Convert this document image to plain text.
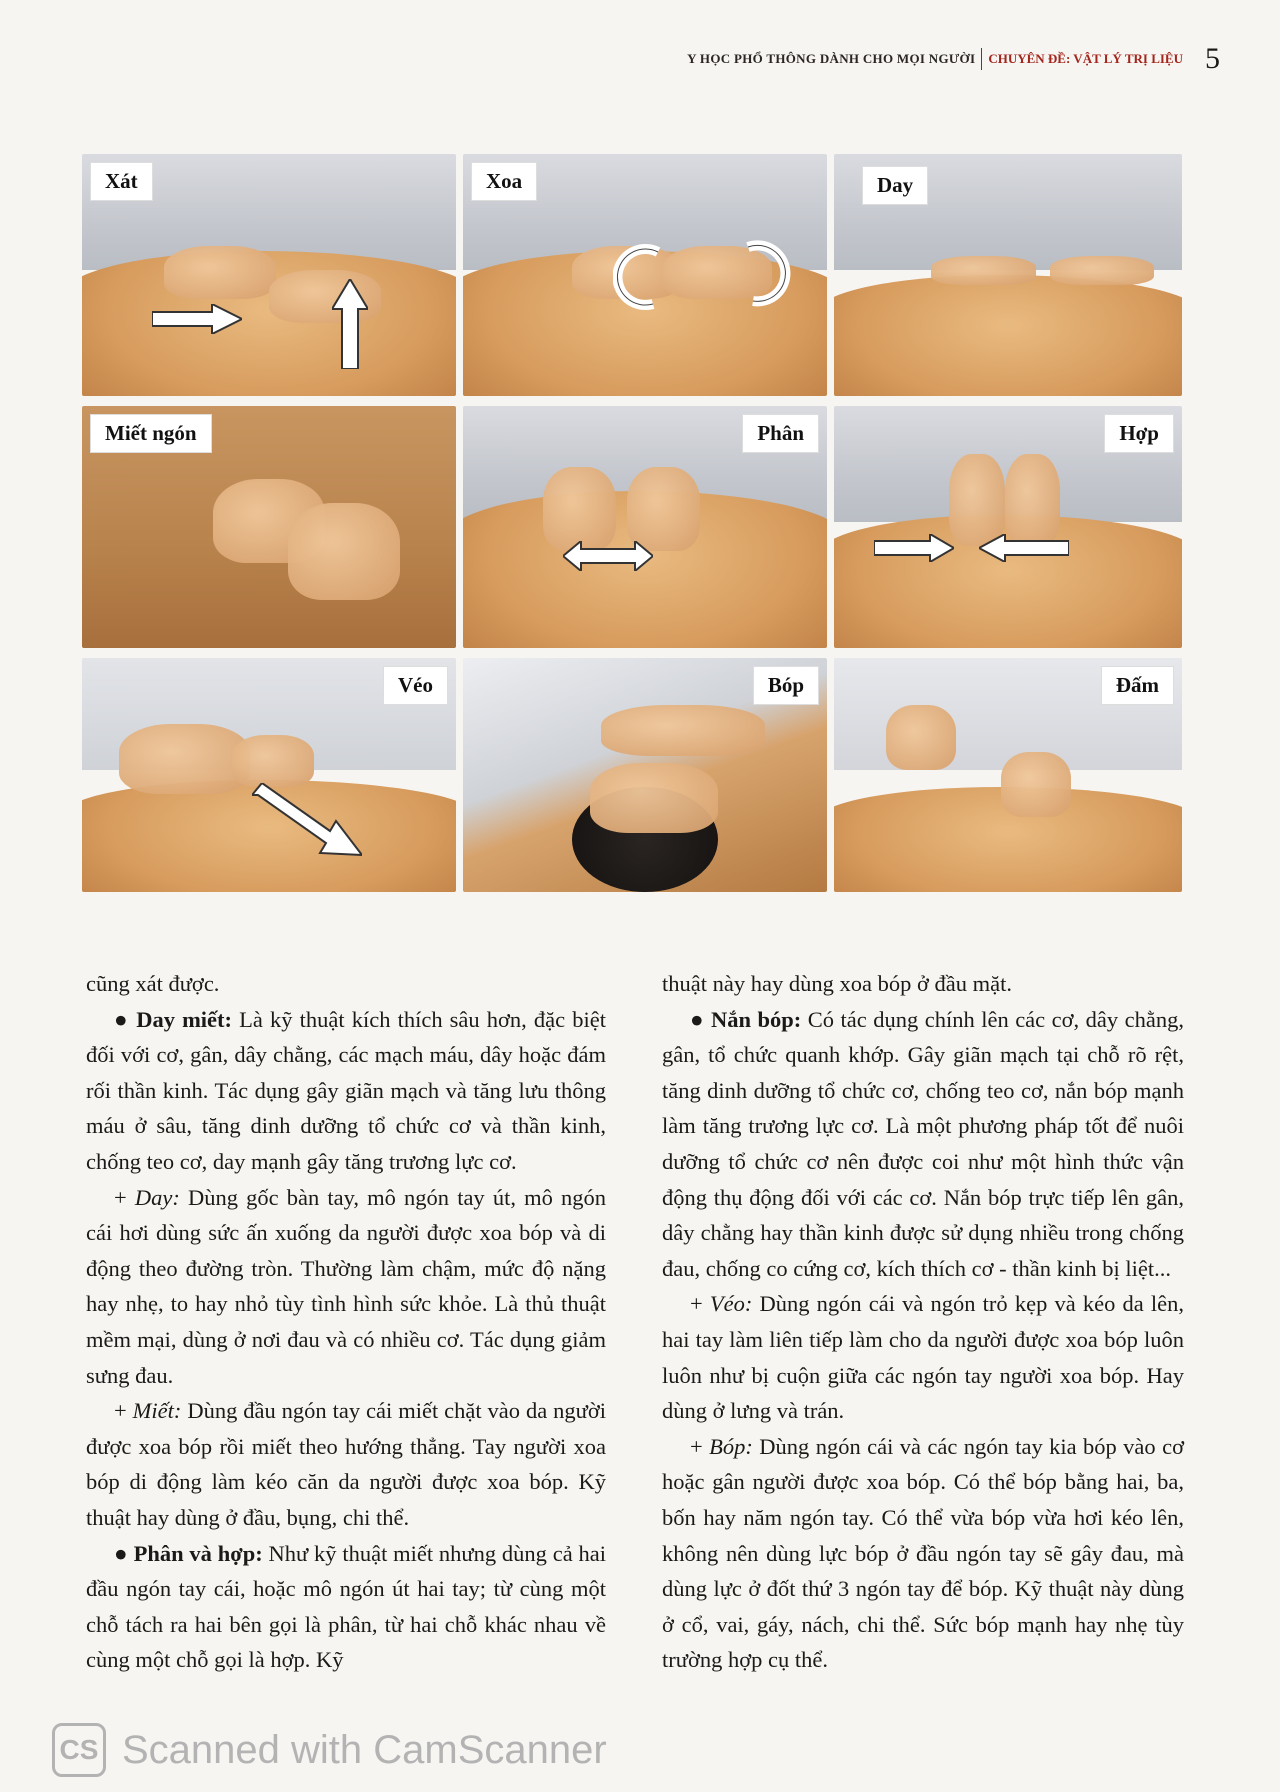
Y HỌC PHỔ THÔNG DÀNH CHO MỌI NGƯỜI CHUYÊN ĐỀ: VẬT LÝ TRỊ LIỆU 5
Xát	Xoa	Day
Miết ngón	Phân	Hợp
Véo	Bóp	Đấm

cũng xát được.

● Day miết: Là kỹ thuật kích thích sâu hơn, đặc biệt đối với cơ, gân, dây chằng, các mạch máu, dây hoặc đám rối thần kinh. Tác dụng gây giãn mạch và tăng lưu thông máu ở sâu, tăng dinh dưỡng tổ chức cơ và thần kinh, chống teo cơ, day mạnh gây tăng trương lực cơ.

+ Day: Dùng gốc bàn tay, mô ngón tay út, mô ngón cái hơi dùng sức ấn xuống da người được xoa bóp và di động theo đường tròn. Thường làm chậm, mức độ nặng hay nhẹ, to hay nhỏ tùy tình hình sức khỏe. Là thủ thuật mềm mại, dùng ở nơi đau và có nhiều cơ. Tác dụng giảm sưng đau.

+ Miết: Dùng đầu ngón tay cái miết chặt vào da người được xoa bóp rồi miết theo hướng thẳng. Tay người xoa bóp di động làm kéo căn da người được xoa bóp. Kỹ thuật hay dùng ở đầu, bụng, chi thể.

● Phân và hợp: Như kỹ thuật miết nhưng dùng cả hai đầu ngón tay cái, hoặc mô ngón út hai tay; từ cùng một chỗ tách ra hai bên gọi là phân, từ hai chỗ khác nhau về cùng một chỗ gọi là hợp. Kỹ

thuật này hay dùng xoa bóp ở đầu mặt.

● Nắn bóp: Có tác dụng chính lên các cơ, dây chằng, gân, tổ chức quanh khớp. Gây giãn mạch tại chỗ rõ rệt, tăng dinh dưỡng tổ chức cơ, chống teo cơ, nắn bóp mạnh làm tăng trương lực cơ. Là một phương pháp tốt để nuôi dưỡng tổ chức cơ nên được coi như một hình thức vận động thụ động đối với các cơ. Nắn bóp trực tiếp lên gân, dây chằng hay thần kinh được sử dụng nhiều trong chống đau, chống co cứng cơ, kích thích cơ - thần kinh bị liệt...

+ Véo: Dùng ngón cái và ngón trỏ kẹp và kéo da lên, hai tay làm liên tiếp làm cho da người được xoa bóp luôn luôn như bị cuộn giữa các ngón tay người xoa bóp. Hay dùng ở lưng và trán.

+ Bóp: Dùng ngón cái và các ngón tay kia bóp vào cơ hoặc gân người được xoa bóp. Có thể bóp bằng hai, ba, bốn hay năm ngón tay. Có thể vừa bóp vừa hơi kéo lên, không nên dùng lực bóp ở đầu ngón tay sẽ gây đau, mà dùng lực ở đốt thứ 3 ngón tay để bóp. Kỹ thuật này dùng ở cổ, vai, gáy, nách, chi thể. Sức bóp mạnh hay nhẹ tùy trường hợp cụ thể.

CS Scanned with CamScanner
